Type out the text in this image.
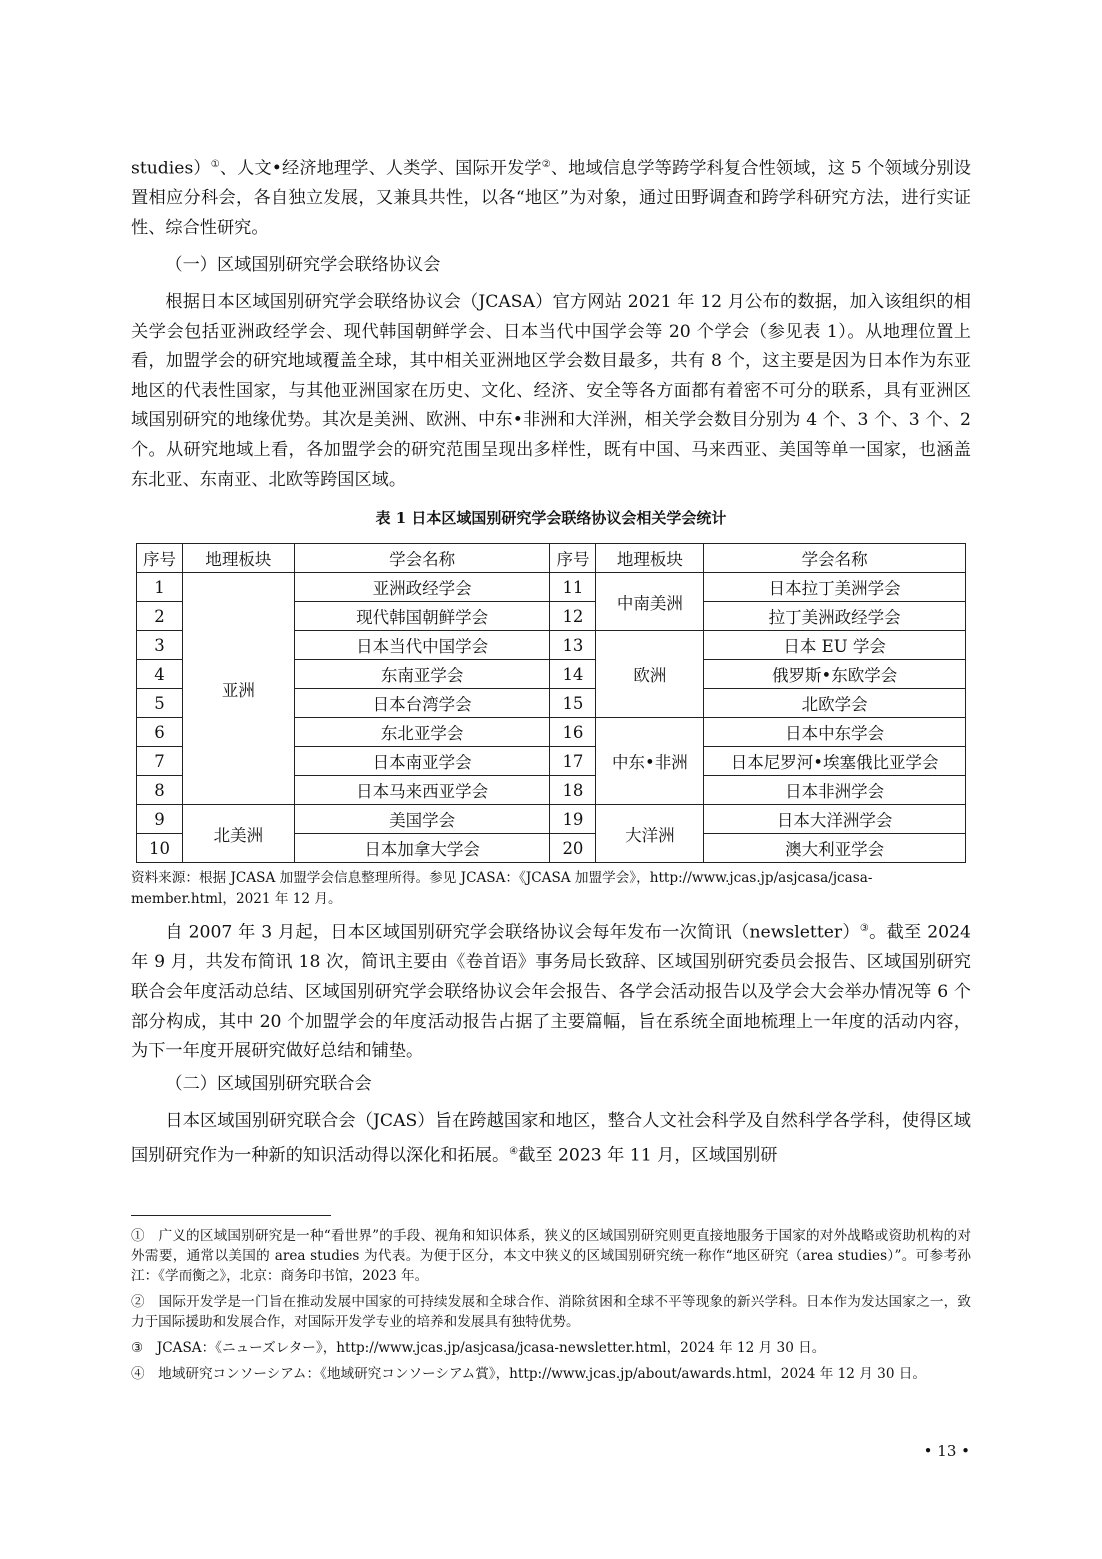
studies）①、人文•经济地理学、人类学、国际开发学②、地域信息学等跨学科复合性领域，这 5 个领域分别设置相应分科会，各自独立发展，又兼具共性，以各“地区”为对象，通过田野调查和跨学科研究方法，进行实证性、综合性研究。

（一）区域国别研究学会联络协议会

根据日本区域国别研究学会联络协议会（JCASA）官方网站 2021 年 12 月公布的数据，加入该组织的相关学会包括亚洲政经学会、现代韩国朝鲜学会、日本当代中国学会等 20 个学会（参见表 1）。从地理位置上看，加盟学会的研究地域覆盖全球，其中相关亚洲地区学会数目最多，共有 8 个，这主要是因为日本作为东亚地区的代表性国家，与其他亚洲国家在历史、文化、经济、安全等各方面都有着密不可分的联系，具有亚洲区域国别研究的地缘优势。其次是美洲、欧洲、中东•非洲和大洋洲，相关学会数目分别为 4 个、3 个、3 个、2 个。从研究地域上看，各加盟学会的研究范围呈现出多样性，既有中国、马来西亚、美国等单一国家，也涵盖东北亚、东南亚、北欧等跨国区域。

表 1 日本区域国别研究学会联络协议会相关学会统计

序号	地理板块	学会名称	序号	地理板块	学会名称
1	亚洲	亚洲政经学会	11	中南美洲	日本拉丁美洲学会
2		现代韩国朝鲜学会	12		拉丁美洲政经学会
3		日本当代中国学会	13	欧洲	日本 EU 学会
4		东南亚学会	14		俄罗斯•东欧学会
5		日本台湾学会	15		北欧学会
6		东北亚学会	16	中东•非洲	日本中东学会
7		日本南亚学会	17		日本尼罗河•埃塞俄比亚学会
8		日本马来西亚学会	18		日本非洲学会
9	北美洲	美国学会	19	大洋洲	日本大洋洲学会
10		日本加拿大学会	20		澳大利亚学会

资料来源：根据 JCASA 加盟学会信息整理所得。参见 JCASA：《JCASA 加盟学会》，http://www.jcas.jp/asjcasa/jcasa-member.html，2021 年 12 月。

自 2007 年 3 月起，日本区域国别研究学会联络协议会每年发布一次简讯（newsletter）③。截至 2024 年 9 月，共发布简讯 18 次，简讯主要由《卷首语》事务局长致辞、区域国别研究委员会报告、区域国别研究联合会年度活动总结、区域国别研究学会联络协议会年会报告、各学会活动报告以及学会大会举办情况等 6 个部分构成，其中 20 个加盟学会的年度活动报告占据了主要篇幅，旨在系统全面地梳理上一年度的活动内容，为下一年度开展研究做好总结和铺垫。

（二）区域国别研究联合会

日本区域国别研究联合会（JCAS）旨在跨越国家和地区，整合人文社会科学及自然科学各学科，使得区域国别研究作为一种新的知识活动得以深化和拓展。④截至 2023 年 11 月，区域国别研

①　广义的区域国别研究是一种“看世界”的手段、视角和知识体系，狭义的区域国别研究则更直接地服务于国家的对外战略或资助机构的对外需要，通常以美国的 area studies 为代表。为便于区分，本文中狭义的区域国别研究统一称作“地区研究（area studies）”。可参考孙江：《学而衡之》，北京：商务印书馆，2023 年。

②　国际开发学是一门旨在推动发展中国家的可持续发展和全球合作、消除贫困和全球不平等现象的新兴学科。日本作为发达国家之一，致力于国际援助和发展合作，对国际开发学专业的培养和发展具有独特优势。

③　JCASA：《ニューズレター》，http://www.jcas.jp/asjcasa/jcasa-newsletter.html，2024 年 12 月 30 日。

④　地域研究コンソーシアム：《地域研究コンソーシアム賞》，http://www.jcas.jp/about/awards.html，2024 年 12 月 30 日。

• 13 •
